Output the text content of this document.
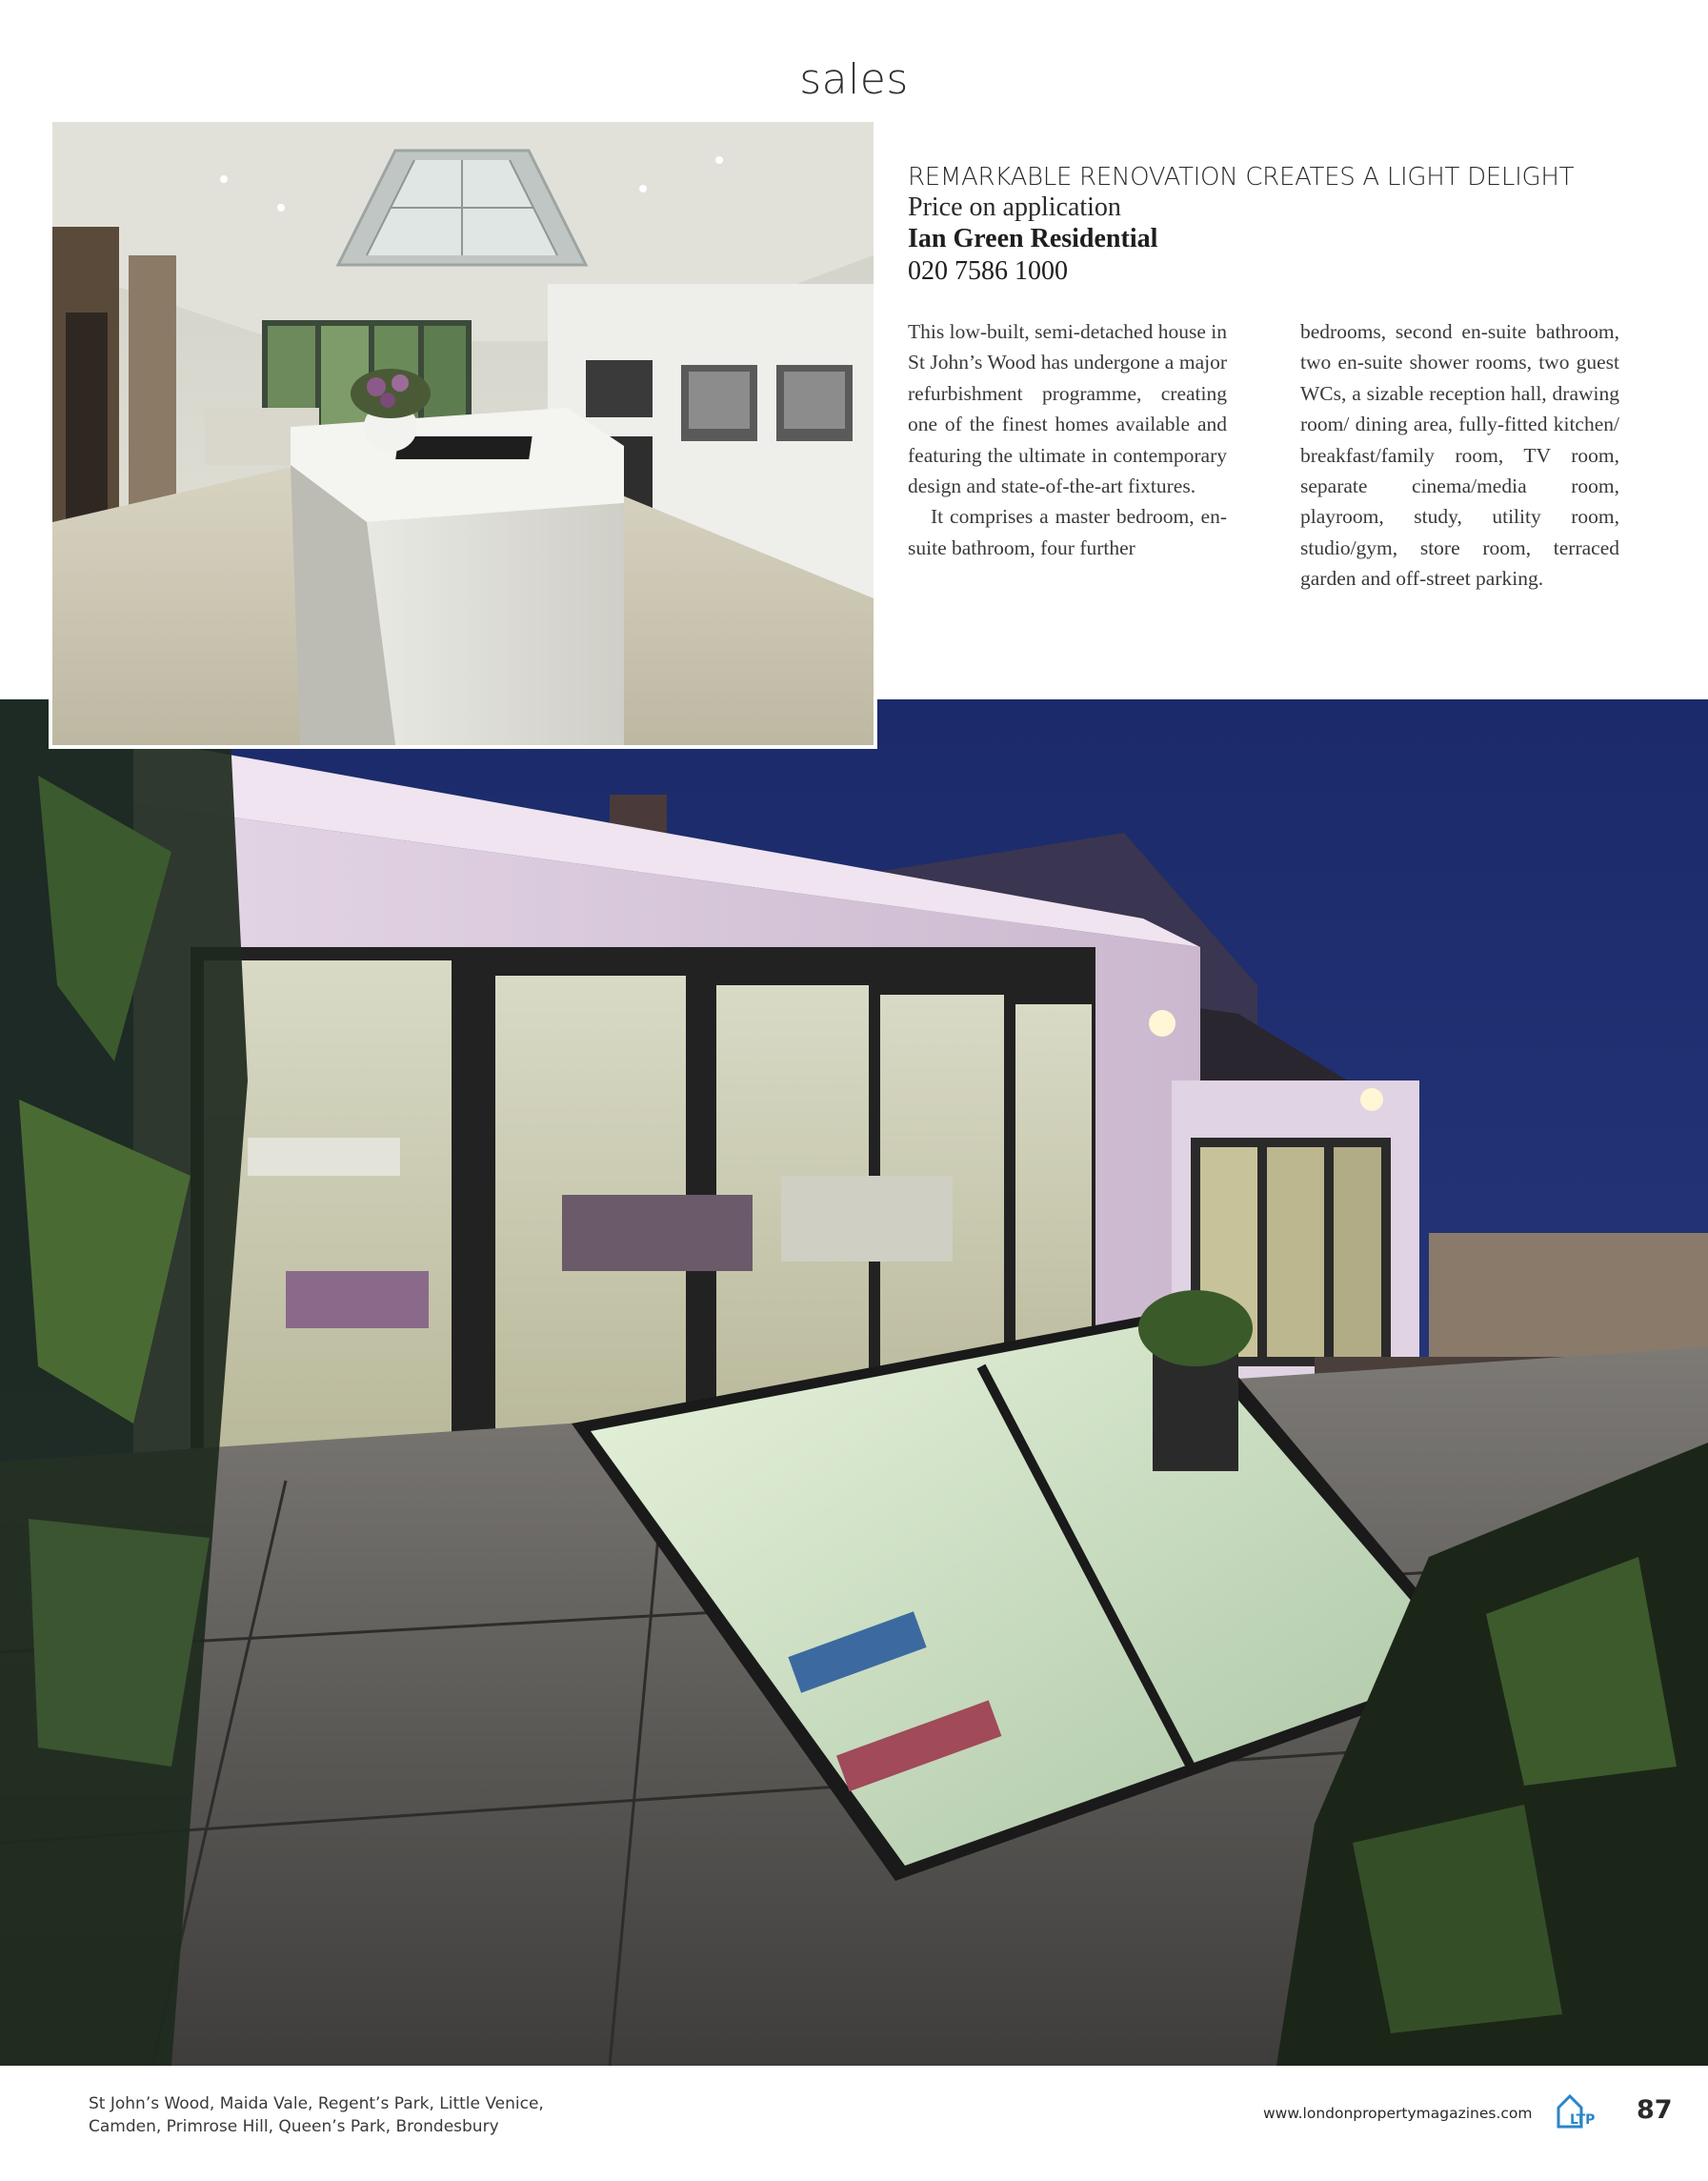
sales
REMARKABLE RENOVATION CREATES A LIGHT DELIGHT
Price on application
Ian Green Residential
020 7586 1000

This low-built, semi-detached house in St John’s Wood has undergone a major refurbishment programme, creating one of the finest homes available and featuring the ultimate in contemporary design and state-of-the-art fixtures.

It comprises a master bedroom, en-suite bathroom, four further

bedrooms, second en-suite bathroom, two en-suite shower rooms, two guest WCs, a sizable reception hall, drawing room/ dining area, fully-fitted kitchen/ breakfast/family room, TV room, separate cinema/media room, playroom, study, utility room, studio/gym, store room, terraced garden and off-street parking.

St John’s Wood, Maida Vale, Regent’s Park, Little Venice,
Camden, Primrose Hill, Queen’s Park, Brondesbury
www.londonpropertymagazines.com	LTP 87
